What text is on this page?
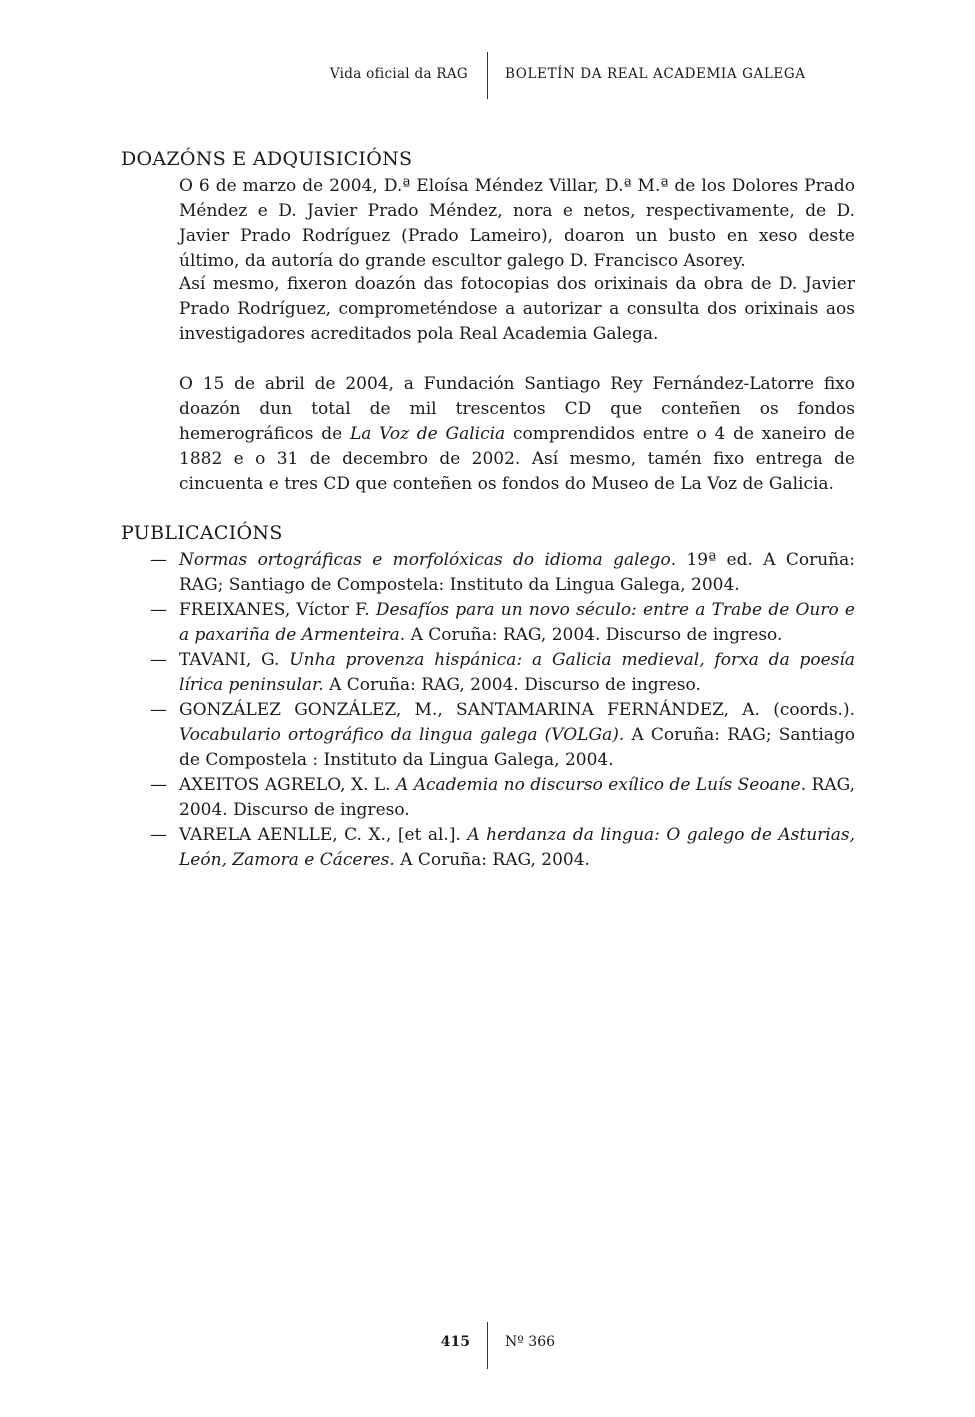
Vida oficial da RAG	BOLETÍN DA REAL ACADEMIA GALEGA
DOAZÓNS E ADQUISICIÓNS

O 6 de marzo de 2004, D.ª Eloísa Méndez Villar, D.ª M.ª de los Dolores Prado Méndez e D. Javier Prado Méndez, nora e netos, respectivamente, de D. Javier Prado Rodríguez (Prado Lameiro), doaron un busto en xeso deste último, da autoría do grande escultor galego D. Francisco Asorey.

Así mesmo, fixeron doazón das fotocopias dos orixinais da obra de D. Javier Prado Rodríguez, comprometéndose a autorizar a consulta dos orixinais aos investigadores acreditados pola Real Academia Galega.

O 15 de abril de 2004, a Fundación Santiago Rey Fernández-Latorre fixo doazón dun total de mil trescentos CD que conteñen os fondos hemerográficos de La Voz de Galicia comprendidos entre o 4 de xaneiro de 1882 e o 31 de decembro de 2002. Así mesmo, tamén fixo entrega de cincuenta e tres CD que conteñen os fondos do Museo de La Voz de Galicia.

PUBLICACIÓNS
— Normas ortográficas e morfolóxicas do idioma galego. 19ª ed. A Coruña: RAG; Santiago de Compostela: Instituto da Lingua Galega, 2004.
— FREIXANES, Víctor F. Desafíos para un novo século: entre a Trabe de Ouro e a paxariña de Armenteira. A Coruña: RAG, 2004. Discurso de ingreso.
— TAVANI, G. Unha provenza hispánica: a Galicia medieval, forxa da poesía lírica peninsular. A Coruña: RAG, 2004. Discurso de ingreso.
— GONZÁLEZ GONZÁLEZ, M., SANTAMARINA FERNÁNDEZ, A. (coords.). Vocabulario ortográfico da lingua galega (VOLGa). A Coruña: RAG; Santiago de Compostela : Instituto da Lingua Galega, 2004.
— AXEITOS AGRELO, X. L. A Academia no discurso exílico de Luís Seoane. RAG, 2004. Discurso de ingreso.
— VARELA AENLLE, C. X., [et al.]. A herdanza da lingua: O galego de Asturias, León, Zamora e Cáceres. A Coruña: RAG, 2004.
415	Nº 366
